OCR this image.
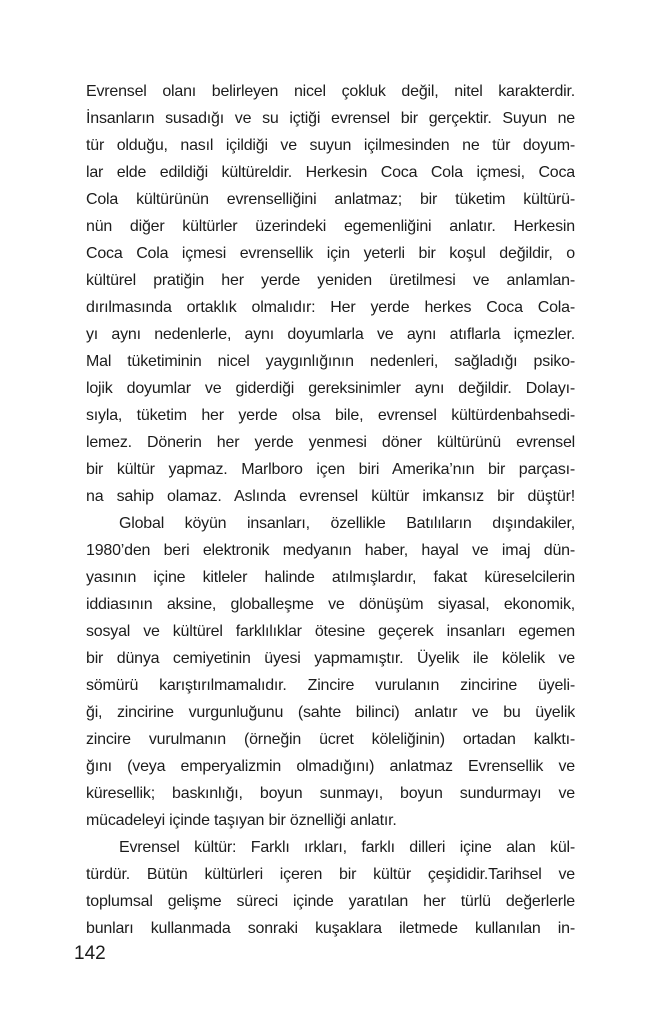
Evrensel olanı belirleyen nicel çokluk değil, nitel karakterdir.
İnsanların susadığı ve su içtiği evrensel bir gerçektir. Suyun ne
tür olduğu, nasıl içildiği ve suyun içilmesinden ne tür doyum-
lar elde edildiği kültüreldir. Herkesin Coca Cola içmesi, Coca
Cola kültürünün evrenselliğini anlatmaz; bir tüketim kültürü-
nün diğer kültürler üzerindeki egemenliğini anlatır. Herkesin
Coca Cola içmesi evrensellik için yeterli bir koşul değildir, o
kültürel pratiğin her yerde yeniden üretilmesi ve anlamlan-
dırılmasında ortaklık olmalıdır: Her yerde herkes Coca Cola-
yı aynı nedenlerle, aynı doyumlarla ve aynı atıflarla içmezler.
Mal tüketiminin nicel yaygınlığının nedenleri, sağladığı psiko-
lojik doyumlar ve giderdiği gereksinimler aynı değildir. Dolayı-
sıyla, tüketim her yerde olsa bile, evrensel kültürdenbahsedi-
lemez. Dönerin her yerde yenmesi döner kültürünü evrensel
bir kültür yapmaz. Marlboro içen biri Amerika’nın bir parçası-
na sahip olamaz. Aslında evrensel kültür imkansız bir düştür!
Global köyün insanları, özellikle Batılıların dışındakiler,
1980’den beri elektronik medyanın haber, hayal ve imaj dün-
yasının içine kitleler halinde atılmışlardır, fakat küreselcilerin
iddiasının aksine, globalleşme ve dönüşüm siyasal, ekonomik,
sosyal ve kültürel farklılıklar ötesine geçerek insanları egemen
bir dünya cemiyetinin üyesi yapmamıştır. Üyelik ile kölelik ve
sömürü karıştırılmamalıdır. Zincire vurulanın zincirine üyeli-
ği, zincirine vurgunluğunu (sahte bilinci) anlatır ve bu üyelik
zincire vurulmanın (örneğin ücret köleliğinin) ortadan kalktı-
ğını (veya emperyalizmin olmadığını) anlatmaz Evrensellik ve
küresellik; baskınlığı, boyun sunmayı, boyun sundurmayı ve
mücadeleyi içinde taşıyan bir öznelliği anlatır.
Evrensel kültür: Farklı ırkları, farklı dilleri içine alan kül-
türdür. Bütün kültürleri içeren bir kültür çeşididir.Tarihsel ve
toplumsal gelişme süreci içinde yaratılan her türlü değerlerle
bunları kullanmada sonraki kuşaklara iletmede kullanılan in-
142
